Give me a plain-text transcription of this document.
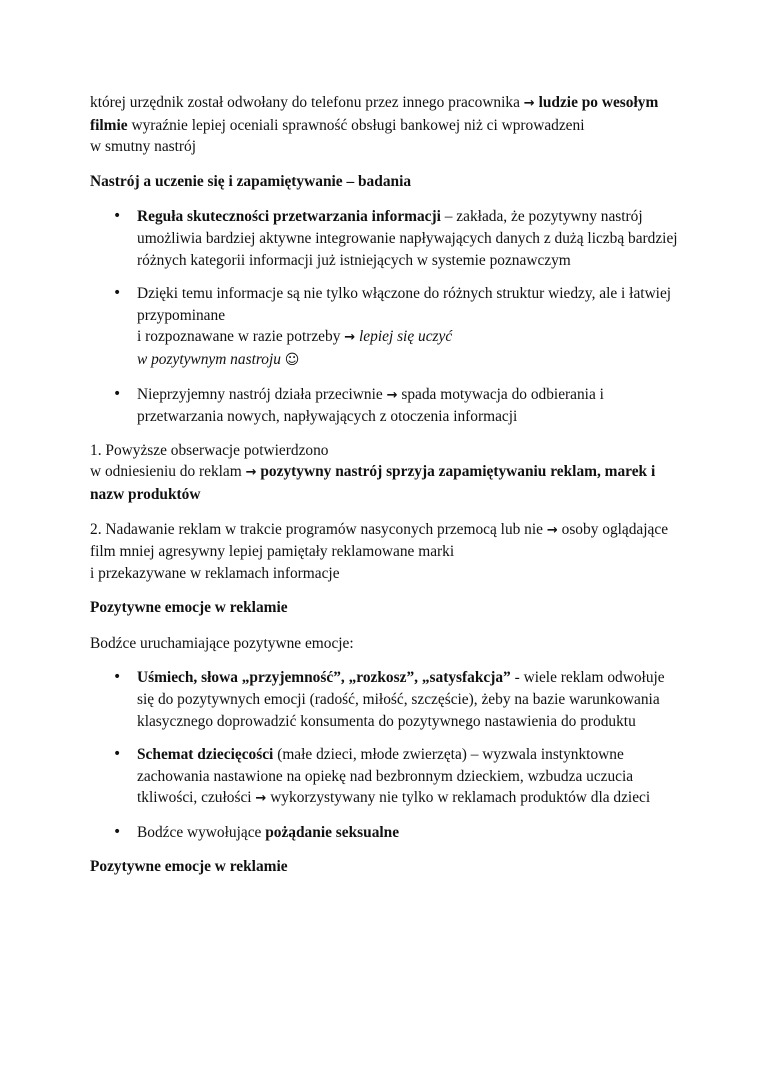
której urzędnik został odwołany do telefonu przez innego pracownika → ludzie po wesołym filmie wyraźnie lepiej oceniali sprawność obsługi bankowej niż ci wprowadzeni
w smutny nastrój

Nastrój a uczenie się i zapamiętywanie – badania

• Reguła skuteczności przetwarzania informacji – zakłada, że pozytywny nastrój umożliwia bardziej aktywne integrowanie napływających danych z dużą liczbą bardziej różnych kategorii informacji już istniejących w systemie poznawczym
• Dzięki temu informacje są nie tylko włączone do różnych struktur wiedzy, ale i łatwiej przypominane
i rozpoznawane w razie potrzeby → lepiej się uczyć
w pozytywnym nastroju ☺
• Nieprzyjemny nastrój działa przeciwnie → spada motywacja do odbierania i przetwarzania nowych, napływających z otoczenia informacji

1. Powyższe obserwacje potwierdzono
w odniesieniu do reklam → pozytywny nastrój sprzyja zapamiętywaniu reklam, marek i nazw produktów

2. Nadawanie reklam w trakcie programów nasyconych przemocą lub nie → osoby oglądające film mniej agresywny lepiej pamiętały reklamowane marki
i przekazywane w reklamach informacje

Pozytywne emocje w reklamie

Bodźce uruchamiające pozytywne emocje:

• Uśmiech, słowa „przyjemność”, „rozkosz”, „satysfakcja” - wiele reklam odwołuje się do pozytywnych emocji (radość, miłość, szczęście), żeby na bazie warunkowania klasycznego doprowadzić konsumenta do pozytywnego nastawienia do produktu
• Schemat dziecięcości (małe dzieci, młode zwierzęta) – wyzwala instynktowne zachowania nastawione na opiekę nad bezbronnym dzieckiem, wzbudza uczucia tkliwości, czułości → wykorzystywany nie tylko w reklamach produktów dla dzieci
• Bodźce wywołujące pożądanie seksualne

Pozytywne emocje w reklamie
